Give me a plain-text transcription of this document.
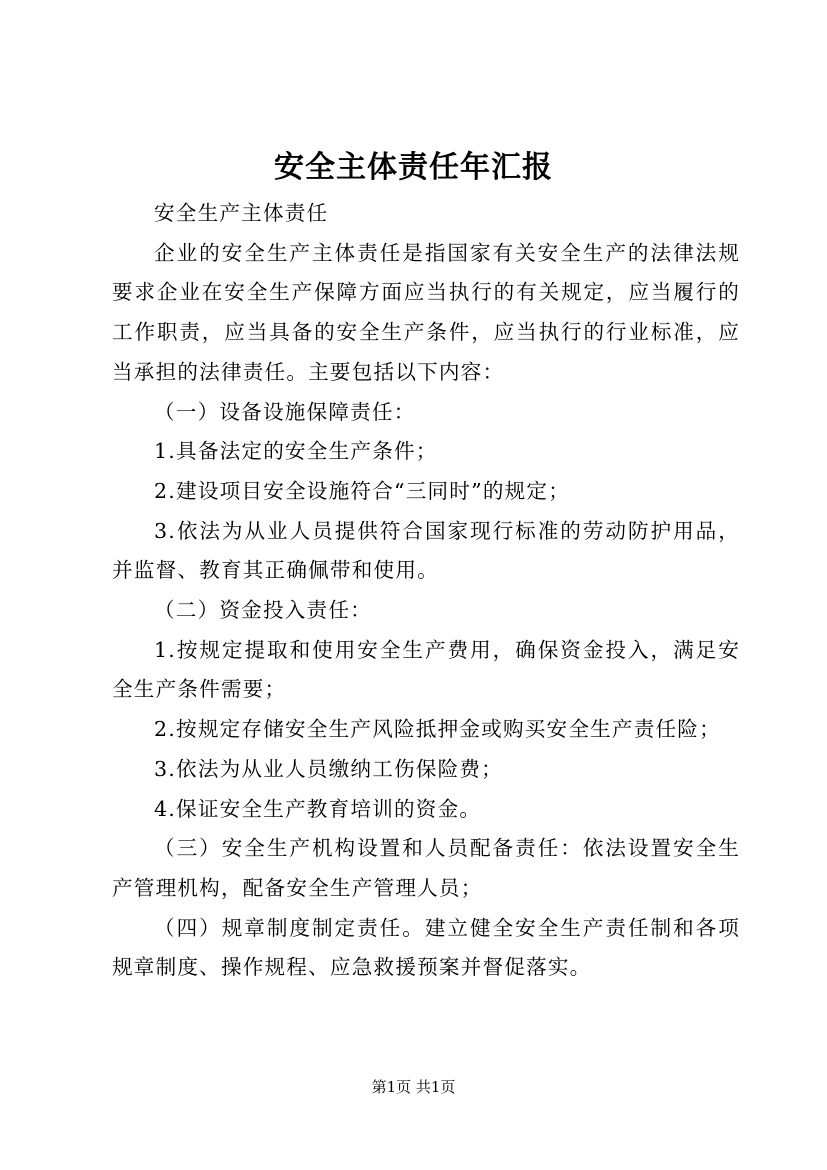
安全主体责任年汇报

安全生产主体责任

企业的安全生产主体责任是指国家有关安全生产的法律法规要求企业在安全生产保障方面应当执行的有关规定，应当履行的工作职责，应当具备的安全生产条件，应当执行的行业标准，应当承担的法律责任。主要包括以下内容：

（一）设备设施保障责任：

1.具备法定的安全生产条件；

2.建设项目安全设施符合“三同时”的规定；

3.依法为从业人员提供符合国家现行标准的劳动防护用品，并监督、教育其正确佩带和使用。

（二）资金投入责任：

1.按规定提取和使用安全生产费用，确保资金投入，满足安全生产条件需要；

2.按规定存储安全生产风险抵押金或购买安全生产责任险；

3.依法为从业人员缴纳工伤保险费；

4.保证安全生产教育培训的资金。

（三）安全生产机构设置和人员配备责任：依法设置安全生产管理机构，配备安全生产管理人员；

（四）规章制度制定责任。建立健全安全生产责任制和各项规章制度、操作规程、应急救援预案并督促落实。

第1页 共1页
